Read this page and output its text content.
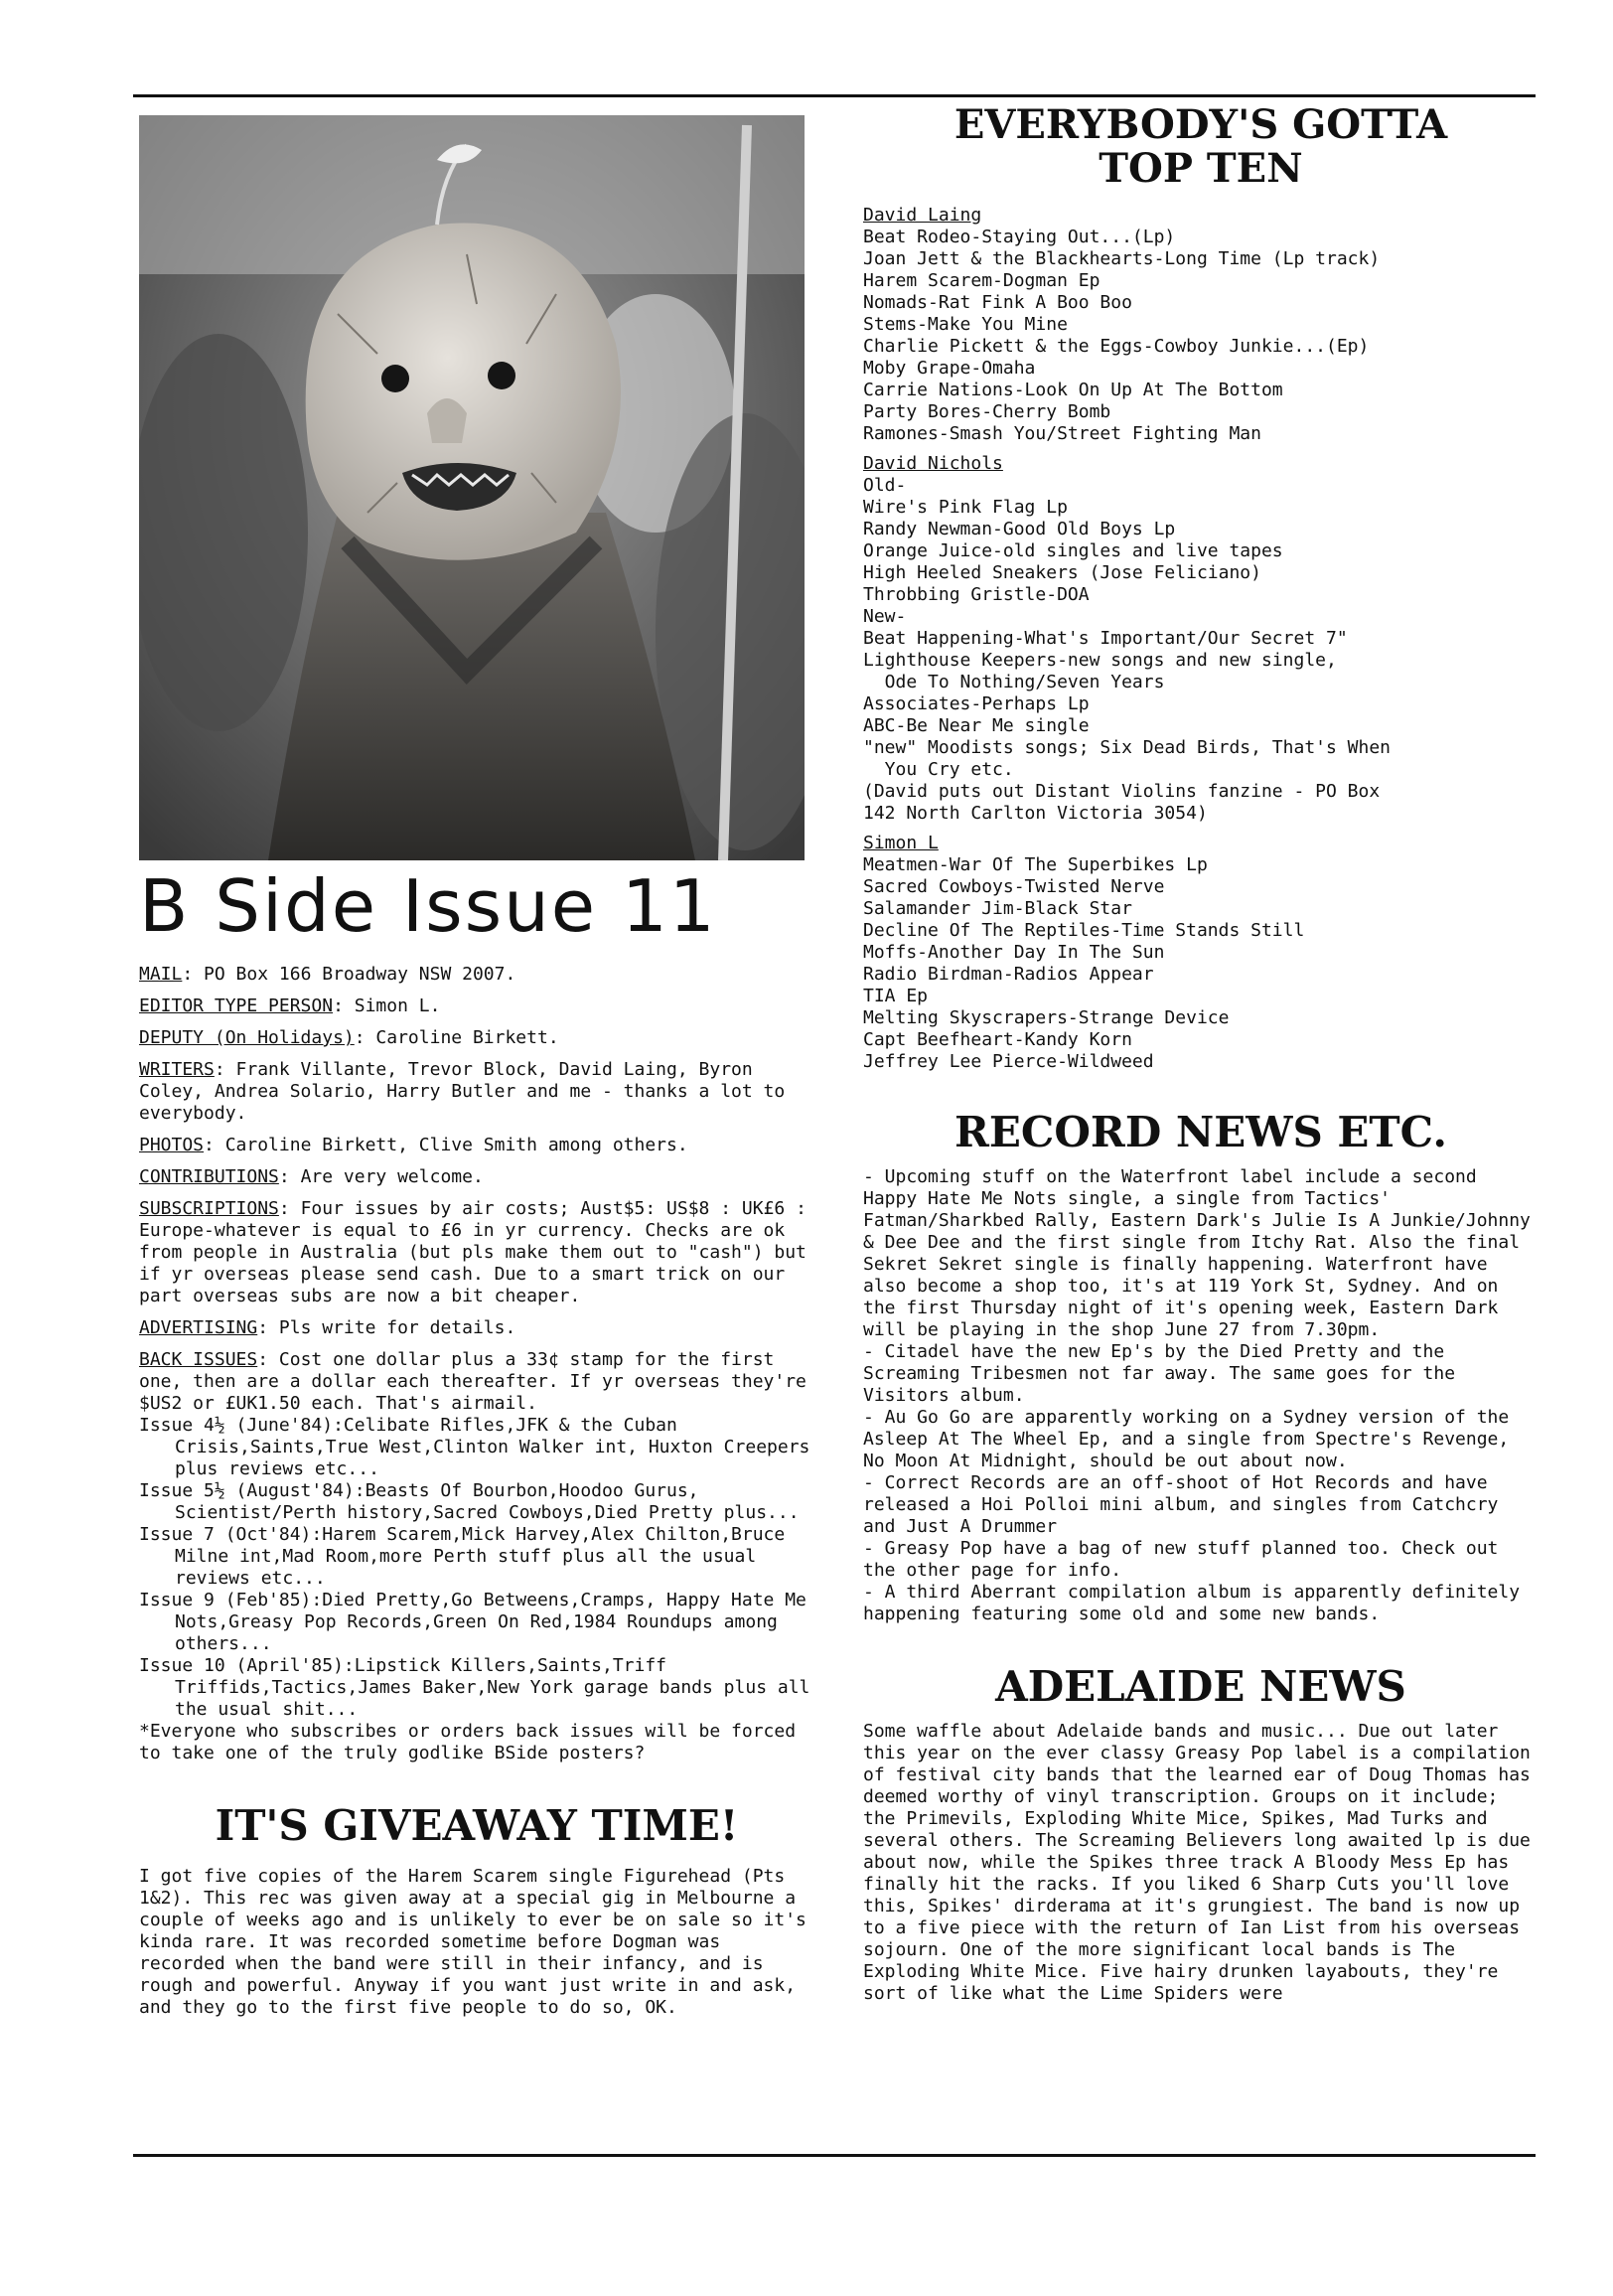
B Side Issue 11

MAIL: PO Box 166 Broadway NSW 2007.

EDITOR TYPE PERSON: Simon L.

DEPUTY (On Holidays): Caroline Birkett.

WRITERS: Frank Villante, Trevor Block, David Laing, Byron Coley, Andrea Solario, Harry Butler and me - thanks a lot to everybody.

PHOTOS: Caroline Birkett, Clive Smith among others.

CONTRIBUTIONS: Are very welcome.

SUBSCRIPTIONS: Four issues by air costs; Aust$5: US$8 : UK£6 : Europe-whatever is equal to £6 in yr currency. Checks are ok from people in Australia (but pls make them out to "cash") but if yr overseas please send cash. Due to a smart trick on our part overseas subs are now a bit cheaper.

ADVERTISING: Pls write for details.

BACK ISSUES: Cost one dollar plus a 33¢ stamp for the first one, then are a dollar each thereafter. If yr overseas they're $US2 or £UK1.50 each. That's airmail.

Issue 4½ (June'84):Celibate Rifles,JFK & the Cuban Crisis,Saints,True West,Clinton Walker int, Huxton Creepers plus reviews etc...
Issue 5½ (August'84):Beasts Of Bourbon,Hoodoo Gurus, Scientist/Perth history,Sacred Cowboys,Died Pretty plus...
Issue 7 (Oct'84):Harem Scarem,Mick Harvey,Alex Chilton,Bruce Milne int,Mad Room,more Perth stuff plus all the usual reviews etc...
Issue 9 (Feb'85):Died Pretty,Go Betweens,Cramps, Happy Hate Me Nots,Greasy Pop Records,Green On Red,1984 Roundups among others...
Issue 10 (April'85):Lipstick Killers,Saints,Triff Triffids,Tactics,James Baker,New York garage bands plus all the usual shit...
*Everyone who subscribes or orders back issues will be forced to take one of the truly godlike BSide posters?
IT'S GIVEAWAY TIME!
I got five copies of the Harem Scarem single Figurehead (Pts 1&2). This rec was given away at a special gig in Melbourne a couple of weeks ago and is unlikely to ever be on sale so it's kinda rare. It was recorded sometime before Dogman was recorded when the band were still in their infancy, and is rough and powerful. Anyway if you want just write in and ask, and they go to the first five people to do so, OK.
EVERYBODY'S GOTTA TOP TEN
David Laing
Beat Rodeo-Staying Out...(Lp)
Joan Jett & the Blackhearts-Long Time (Lp track)
Harem Scarem-Dogman Ep
Nomads-Rat Fink A Boo Boo
Stems-Make You Mine
Charlie Pickett & the Eggs-Cowboy Junkie...(Ep)
Moby Grape-Omaha
Carrie Nations-Look On Up At The Bottom
Party Bores-Cherry Bomb
Ramones-Smash You/Street Fighting Man
David Nichols
Old-
Wire's Pink Flag Lp
Randy Newman-Good Old Boys Lp
Orange Juice-old singles and live tapes
High Heeled Sneakers (Jose Feliciano)
Throbbing Gristle-DOA
New-
Beat Happening-What's Important/Our Secret 7"
Lighthouse Keepers-new songs and new single,
Ode To Nothing/Seven Years
Associates-Perhaps Lp
ABC-Be Near Me single
"new" Moodists songs; Six Dead Birds, That's When
You Cry etc.
(David puts out Distant Violins fanzine - PO Box
142 North Carlton Victoria 3054)
Simon L
Meatmen-War Of The Superbikes Lp
Sacred Cowboys-Twisted Nerve
Salamander Jim-Black Star
Decline Of The Reptiles-Time Stands Still
Moffs-Another Day In The Sun
Radio Birdman-Radios Appear
TIA Ep
Melting Skyscrapers-Strange Device
Capt Beefheart-Kandy Korn
Jeffrey Lee Pierce-Wildweed
RECORD NEWS ETC.
- Upcoming stuff on the Waterfront label include a second Happy Hate Me Nots single, a single from Tactics' Fatman/Sharkbed Rally, Eastern Dark's Julie Is A Junkie/Johnny & Dee Dee and the first single from Itchy Rat. Also the final Sekret Sekret single is finally happening. Waterfront have also become a shop too, it's at 119 York St, Sydney. And on the first Thursday night of it's opening week, Eastern Dark will be playing in the shop June 27 from 7.30pm.
- Citadel have the new Ep's by the Died Pretty and the Screaming Tribesmen not far away. The same goes for the Visitors album.
- Au Go Go are apparently working on a Sydney version of the Asleep At The Wheel Ep, and a single from Spectre's Revenge, No Moon At Midnight, should be out about now.
- Correct Records are an off-shoot of Hot Records and have released a Hoi Polloi mini album, and singles from Catchcry and Just A Drummer
- Greasy Pop have a bag of new stuff planned too. Check out the other page for info.
- A third Aberrant compilation album is apparently definitely happening featuring some old and some new bands.
ADELAIDE NEWS
Some waffle about Adelaide bands and music... Due out later this year on the ever classy Greasy Pop label is a compilation of festival city bands that the learned ear of Doug Thomas has deemed worthy of vinyl transcription. Groups on it include; the Primevils, Exploding White Mice, Spikes, Mad Turks and several others. The Screaming Believers long awaited lp is due about now, while the Spikes three track A Bloody Mess Ep has finally hit the racks. If you liked 6 Sharp Cuts you'll love this, Spikes' dirderama at it's grungiest. The band is now up to a five piece with the return of Ian List from his overseas sojourn. One of the more significant local bands is The Exploding White Mice. Five hairy drunken layabouts, they're sort of like what the Lime Spiders were
